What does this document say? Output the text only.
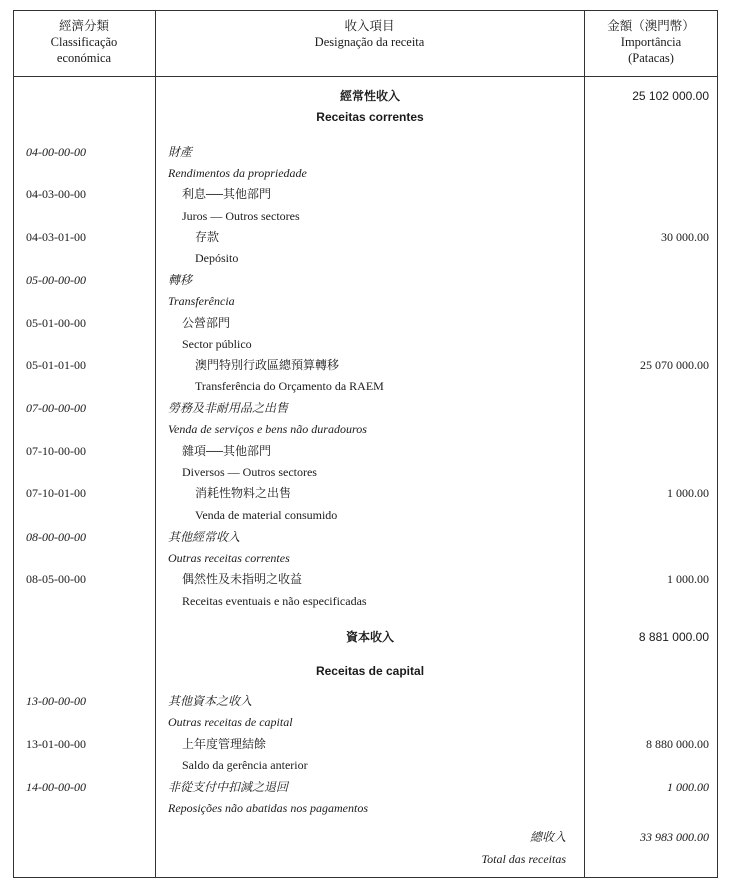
經濟分類
Classificação
económica
收入項目
Designação da receita
金額（澳門幣）
Importância
(Patacas)
經常性收入	25 102 000.00
Receitas correntes
04-00-00-00	財產
Rendimentos da propriedade
04-03-00-00	利息──其他部門
Juros — Outros sectores
04-03-01-00	存款	30 000.00
Depósito
05-00-00-00	轉移
Transferência
05-01-00-00	公營部門
Sector público
05-01-01-00	澳門特別行政區總預算轉移	25 070 000.00
Transferência do Orçamento da RAEM
07-00-00-00	勞務及非耐用品之出售
Venda de serviços e bens não duradouros
07-10-00-00	雜項──其他部門
Diversos — Outros sectores
07-10-01-00	消耗性物料之出售	1 000.00
Venda de material consumido
08-00-00-00	其他經常收入
Outras receitas correntes
08-05-00-00	偶然性及未指明之收益	1 000.00
Receitas eventuais e não especificadas
資本收入	8 881 000.00
Receitas de capital
13-00-00-00	其他資本之收入
Outras receitas de capital
13-01-00-00	上年度管理結餘	8 880 000.00
Saldo da gerência anterior
14-00-00-00	非從支付中扣減之退回	1 000.00
Reposições não abatidas nos pagamentos
總收入	33 983 000.00
Total das receitas
